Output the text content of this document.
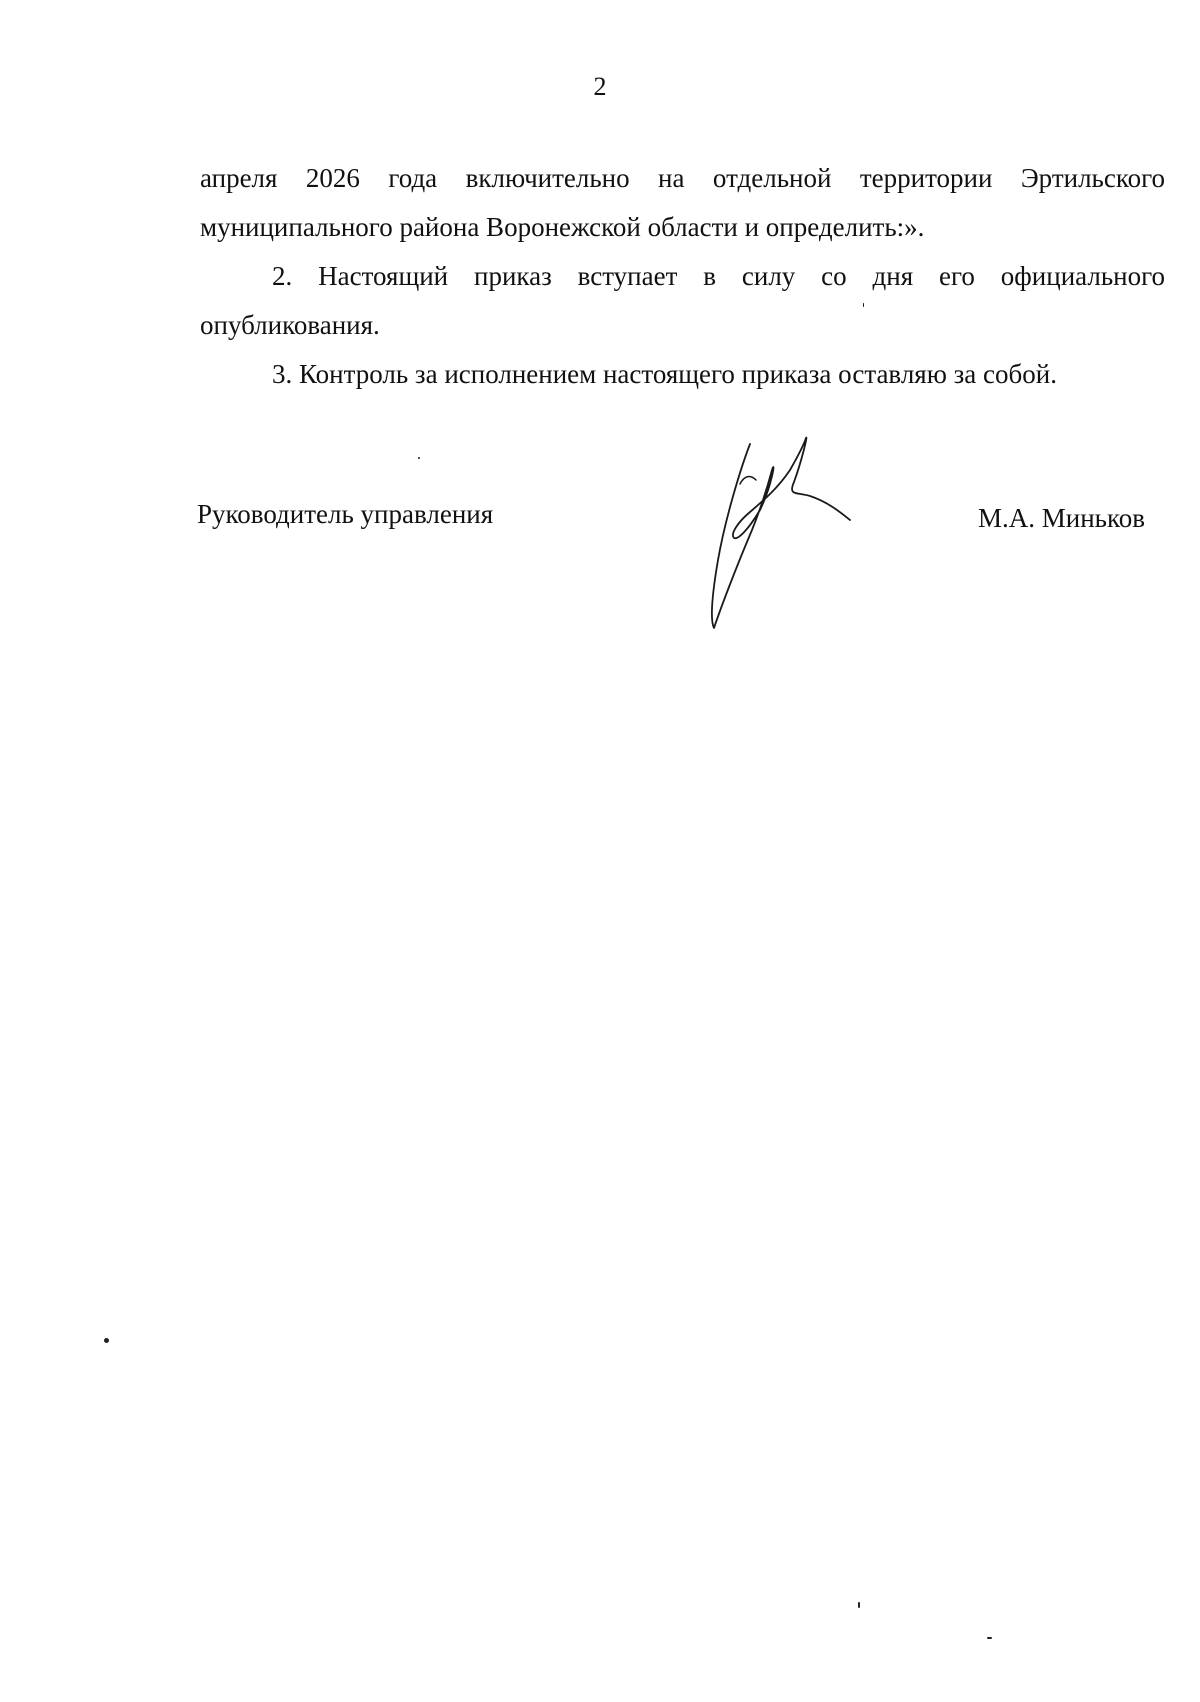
2

апреля 2026 года включительно на отдельной территории Эртильского муниципального района Воронежской области и определить:».

2. Настоящий приказ вступает в силу со дня его официального опубликования.

3. Контроль за исполнением настоящего приказа оставляю за собой.

Руководитель управления	М.А. Миньков
